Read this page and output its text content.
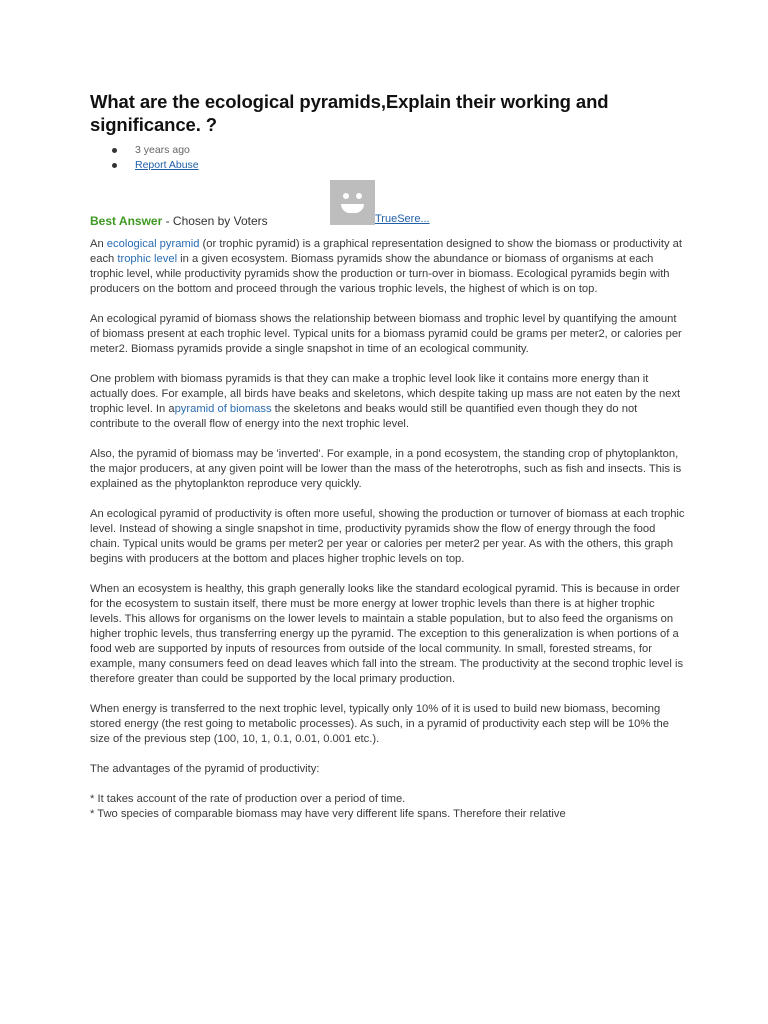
What are the ecological pyramids,Explain their working and significance. ?
3 years ago
Report Abuse
TrueSere...
Best Answer - Chosen by Voters

An ecological pyramid (or trophic pyramid) is a graphical representation designed to show the biomass or productivity at each trophic level in a given ecosystem. Biomass pyramids show the abundance or biomass of organisms at each trophic level, while productivity pyramids show the production or turn-over in biomass. Ecological pyramids begin with producers on the bottom and proceed through the various trophic levels, the highest of which is on top.

An ecological pyramid of biomass shows the relationship between biomass and trophic level by quantifying the amount of biomass present at each trophic level. Typical units for a biomass pyramid could be grams per meter2, or calories per meter2. Biomass pyramids provide a single snapshot in time of an ecological community.

One problem with biomass pyramids is that they can make a trophic level look like it contains more energy than it actually does. For example, all birds have beaks and skeletons, which despite taking up mass are not eaten by the next trophic level. In apyramid of biomass the skeletons and beaks would still be quantified even though they do not contribute to the overall flow of energy into the next trophic level.

Also, the pyramid of biomass may be 'inverted'. For example, in a pond ecosystem, the standing crop of phytoplankton, the major producers, at any given point will be lower than the mass of the heterotrophs, such as fish and insects. This is explained as the phytoplankton reproduce very quickly.

An ecological pyramid of productivity is often more useful, showing the production or turnover of biomass at each trophic level. Instead of showing a single snapshot in time, productivity pyramids show the flow of energy through the food chain. Typical units would be grams per meter2 per year or calories per meter2 per year. As with the others, this graph begins with producers at the bottom and places higher trophic levels on top.

When an ecosystem is healthy, this graph generally looks like the standard ecological pyramid. This is because in order for the ecosystem to sustain itself, there must be more energy at lower trophic levels than there is at higher trophic levels. This allows for organisms on the lower levels to maintain a stable population, but to also feed the organisms on higher trophic levels, thus transferring energy up the pyramid. The exception to this generalization is when portions of a food web are supported by inputs of resources from outside of the local community. In small, forested streams, for example, many consumers feed on dead leaves which fall into the stream. The productivity at the second trophic level is therefore greater than could be supported by the local primary production.

When energy is transferred to the next trophic level, typically only 10% of it is used to build new biomass, becoming stored energy (the rest going to metabolic processes). As such, in a pyramid of productivity each step will be 10% the size of the previous step (100, 10, 1, 0.1, 0.01, 0.001 etc.).

The advantages of the pyramid of productivity:

* It takes account of the rate of production over a period of time.
* Two species of comparable biomass may have very different life spans. Therefore their relative
